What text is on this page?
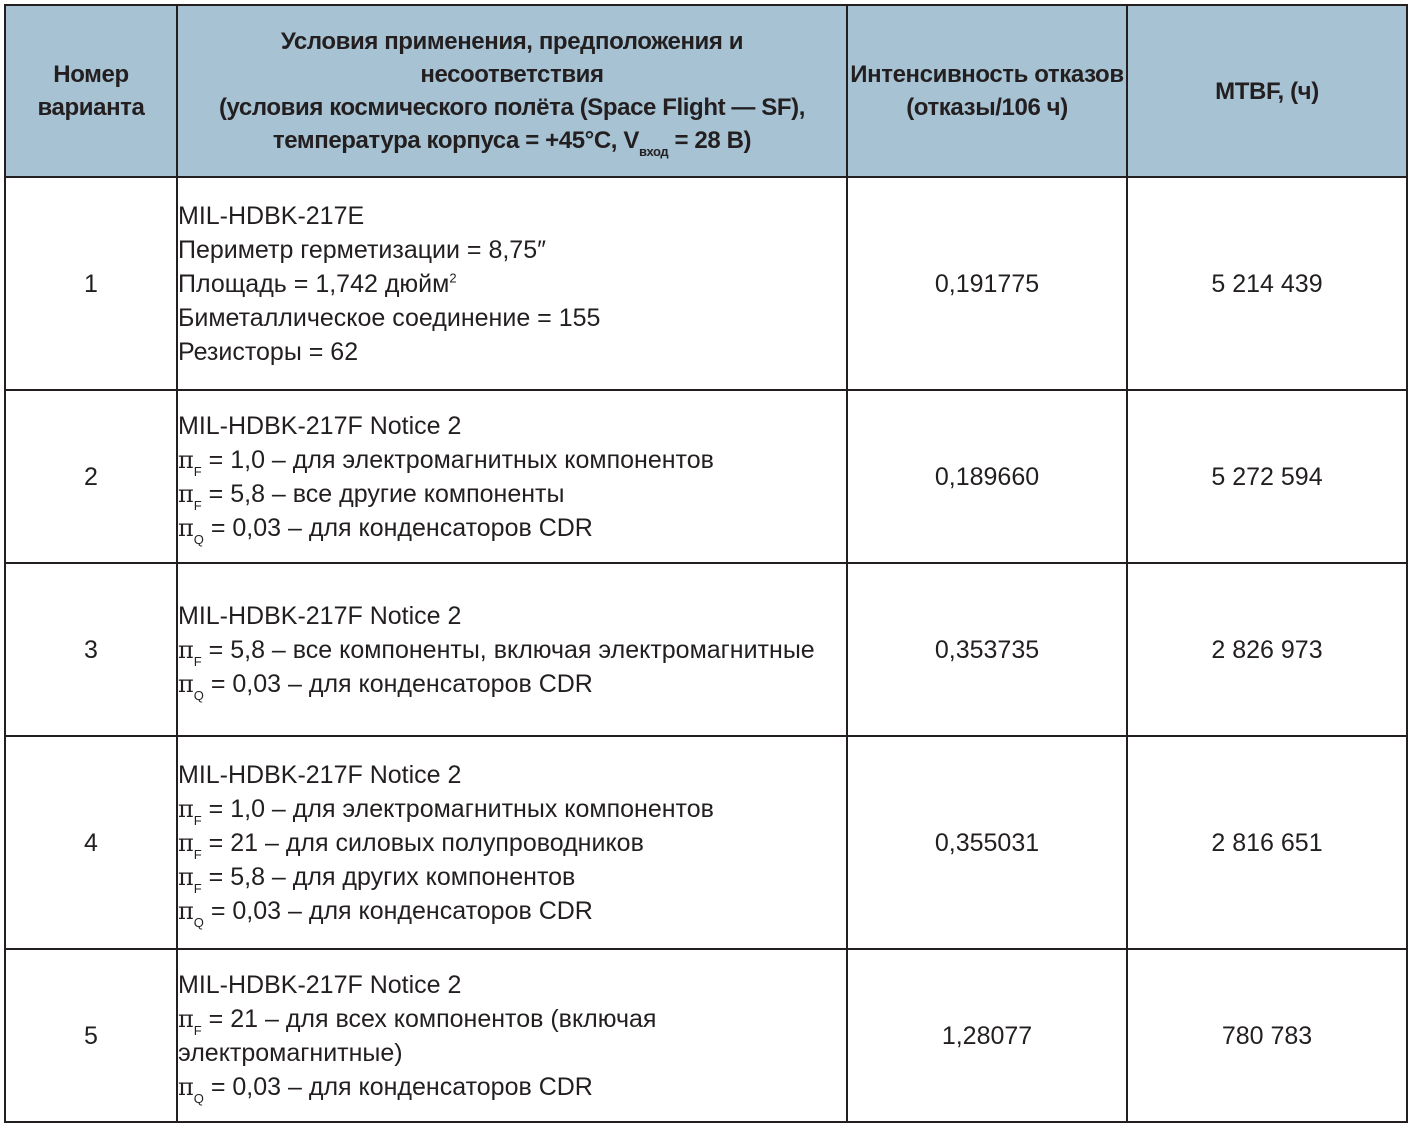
Номер
варианта	Условия применения, предположения и
несоответствия
(условия космического полёта (Space Flight — SF),
температура корпуса = +45°C, $V_{вход} = 28$ В)	Интенсивность отказов
(отказы/106 ч)	MTBF, (ч)

1	MIL-HDBK-217E
Периметр герметизации = 8,75″
Площадь = 1,742 дюйм$^2$
Биметаллическое соединение = 155
Резисторы = 62	0,191775	5 214 439
2	MIL-HDBK-217F Notice 2
$\pi_F = 1,0$ – для электромагнитных компонентов
$\pi_F = 5,8$ – все другие компоненты
$\pi_Q = 0,03$ – для конденсаторов CDR	0,189660	5 272 594
3	MIL-HDBK-217F Notice 2
$\pi_F = 5,8$ – все компоненты, включая электромагнитные
$\pi_Q = 0,03$ – для конденсаторов CDR	0,353735	2 826 973
4	MIL-HDBK-217F Notice 2
$\pi_F = 1,0$ – для электромагнитных компонентов
$\pi_F = 21$ – для силовых полупроводников
$\pi_F = 5,8$ – для других компонентов
$\pi_Q = 0,03$ – для конденсаторов CDR	0,355031	2 816 651
5	MIL-HDBK-217F Notice 2
$\pi_F = 21$ – для всех компонентов (включая электромагнитные)
$\pi_Q = 0,03$ – для конденсаторов CDR	1,28077	780 783
